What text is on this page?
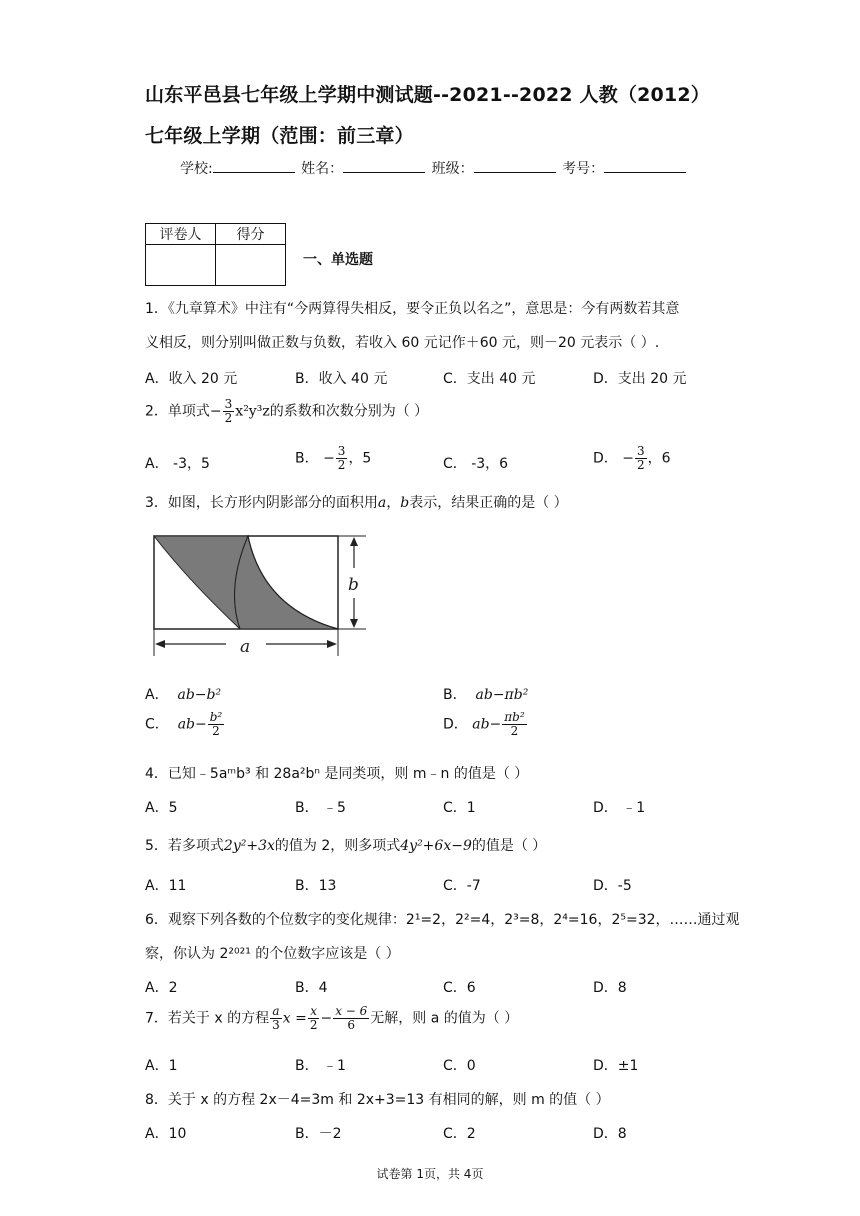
山东平邑县七年级上学期中测试题--2021--2022 人教（2012）
七年级上学期（范围：前三章）
学校:	姓名：	班级：	考号：
评卷人	得分

一、单选题
1．《九章算术》中注有“今两算得失相反，要令正负以名之”，意思是：今有两数若其意
义相反，则分别叫做正数与负数，若收入 60 元记作＋60 元，则－20 元表示（ ）.
A．收入 20 元	B．收入 40 元	C．支出 40 元	D．支出 20 元
2．单项式− $\frac{3}{2} x^2y^3z$的系数和次数分别为（ ）
A． ‑3，5	B． − $\frac{3}{2}$ ，5	C． ‑3，6	D． − $\frac{3}{2}$ ，6
3．如图，长方形内阴影部分的面积用a，b表示，结果正确的是（ ）
b
a
A． ab−b²	B． ab−πb²
C． $ab- \frac{\text{b²}}{2}$	D． $ab- \frac{\text{πb²}}{2}$
4．已知﹣5aᵐb³ 和 28a²bⁿ 是同类项，则 m﹣n 的值是（ ）
A．5	B． ﹣5	C．1	D． ﹣1
5．若多项式2y²+3x的值为 2，则多项式4y²+6x−9的值是（ ）
A．11	B．13	C．-7	D．-5
6．观察下列各数的个位数字的变化规律：2¹=2，2²=4，2³=8，2⁴=16，2⁵=32，……通过观
察，你认为 2²⁰²¹ 的个位数字应该是（ ）
A．2	B．4	C．6	D．8
7．若关于 x 的方程 $\frac{a}{3}$ $x = \frac{x}{2} - \frac{x - 6}{6}$ 无解，则 a 的值为（ ）
A．1	B． ﹣1	C．0	D．±1
8．关于 x 的方程 2x－4=3m 和 2x+3=13 有相同的解，则 m 的值（ ）
A．10	B．－2	C．2	D．8
试卷第 1页，共 4页
